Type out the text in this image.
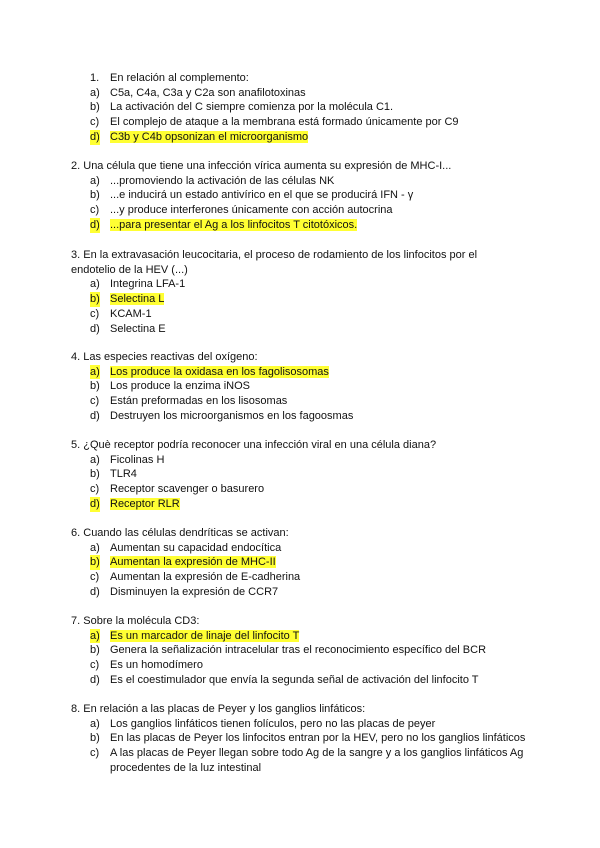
1. En relación al complemento:
a) C5a, C4a, C3a y C2a son anafilotoxinas
b) La activación del C siempre comienza por la molécula C1.
c) El complejo de ataque a la membrana está formado únicamente por C9
d) C3b y C4b opsonizan el microorganismo
2. Una célula que tiene una infección vírica aumenta su expresión de MHC-I...
a) ...promoviendo la activación de las células NK
b) ...e inducirá un estado antivírico en el que se producirá IFN - γ
c) ...y produce interferones únicamente con acción autocrina
d) ...para presentar el Ag a los linfocitos T citotóxicos.
3. En la extravasación leucocitaria, el proceso de rodamiento de los linfocitos por el
endotelio de la HEV (...)
a) Integrina LFA-1
b) Selectina L
c) KCAM-1
d) Selectina E
4. Las especies reactivas del oxígeno:
a) Los produce la oxidasa en los fagolisosomas
b) Los produce la enzima iNOS
c) Están preformadas en los lisosomas
d) Destruyen los microorganismos en los fagoosmas
5. ¿Què receptor podría reconocer una infección viral en una célula diana?
a) Ficolinas H
b) TLR4
c) Receptor scavenger o basurero
d) Receptor RLR
6. Cuando las células dendríticas se activan:
a) Aumentan su capacidad endocítica
b) Aumentan la expresión de MHC-II
c) Aumentan la expresión de E-cadherina
d) Disminuyen la expresión de CCR7
7. Sobre la molécula CD3:
a) Es un marcador de linaje del linfocito T
b) Genera la señalización intracelular tras el reconocimiento específico del BCR
c) Es un homodímero
d) Es el coestimulador que envía la segunda señal de activación del linfocito T
8. En relación a las placas de Peyer y los ganglios linfáticos:
a) Los ganglios linfáticos tienen folículos, pero no las placas de peyer
b) En las placas de Peyer los linfocitos entran por la HEV, pero no los ganglios linfáticos
c) A las placas de Peyer llegan sobre todo Ag de la sangre y a los ganglios linfáticos Ag
procedentes de la luz intestinal
